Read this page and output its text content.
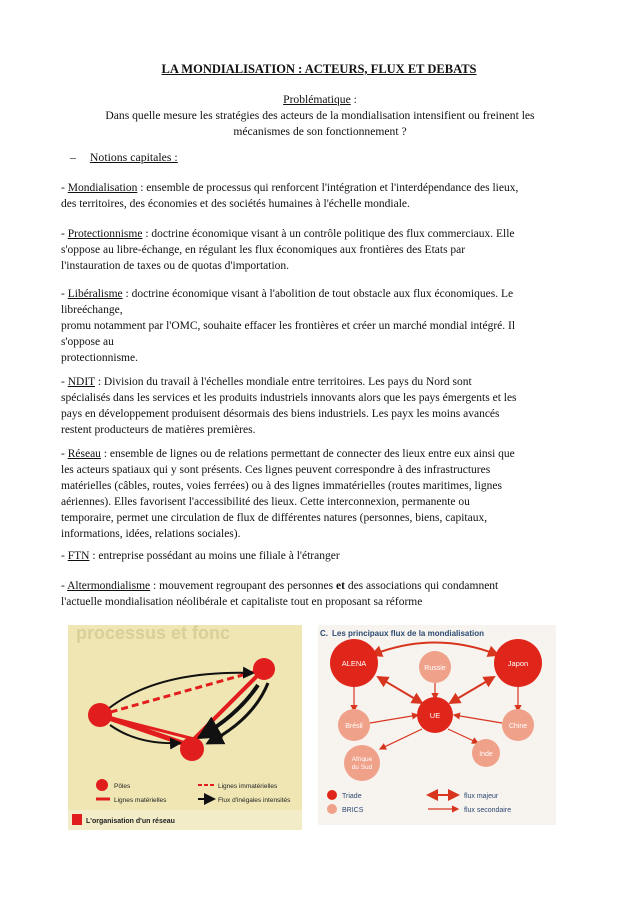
LA MONDIALISATION : ACTEURS, FLUX ET DEBATS
Problématique :
Dans quelle mesure les stratégies des acteurs de la mondialisation intensifient ou freinent les
mécanismes de son fonctionnement ?
– Notions capitales :
- Mondialisation : ensemble de processus qui renforcent l'intégration et l'interdépendance des lieux,
des territoires, des économies et des sociétés humaines à l'échelle mondiale.
- Protectionnisme : doctrine économique visant à un contrôle politique des flux commerciaux. Elle
s'oppose au libre-échange, en régulant les flux économiques aux frontières des Etats par
l'instauration de taxes ou de quotas d'importation.
- Libéralisme : doctrine économique visant à l'abolition de tout obstacle aux flux économiques. Le
libreéchange,
promu notamment par l'OMC, souhaite effacer les frontières et créer un marché mondial intégré. Il
s'oppose au
protectionnisme.
- NDIT : Division du travail à l'échelles mondiale entre territoires. Les pays du Nord sont
spécialisés dans les services et les produits industriels innovants alors que les pays émergents et les
pays en développement produisent désormais des biens industriels. Les payx les moins avancés
restent producteurs de matières premières.
- Réseau : ensemble de lignes ou de relations permettant de connecter des lieux entre eux ainsi que
les acteurs spatiaux qui y sont présents. Ces lignes peuvent correspondre à des infrastructures
matérielles (câbles, routes, voies ferrées) ou à des lignes immatérielles (routes maritimes, lignes
aériennes). Elles favorisent l'accessibilité des lieux. Cette interconnexion, permanente ou
temporaire, permet une circulation de flux de différentes natures (personnes, biens, capitaux,
informations, idées, relations sociales).
- FTN : entreprise possédant au moins une filiale à l'étranger
- Altermondialisme : mouvement regroupant des personnes et des associations qui condamnent
l'actuelle mondialisation néolibérale et capitaliste tout en proposant sa réforme
processus et fonc
Pôles
Lignes matérielles
Lignes immatérielles
Flux d'inégales intensités
L'organisation d'un réseau
C. Les principaux flux de la mondialisation
ALENA
Russie
Japon
UE
Brésil	Chine
Afrique
du Sud
Inde
Triade
BRICS
flux majeur
flux secondaire
